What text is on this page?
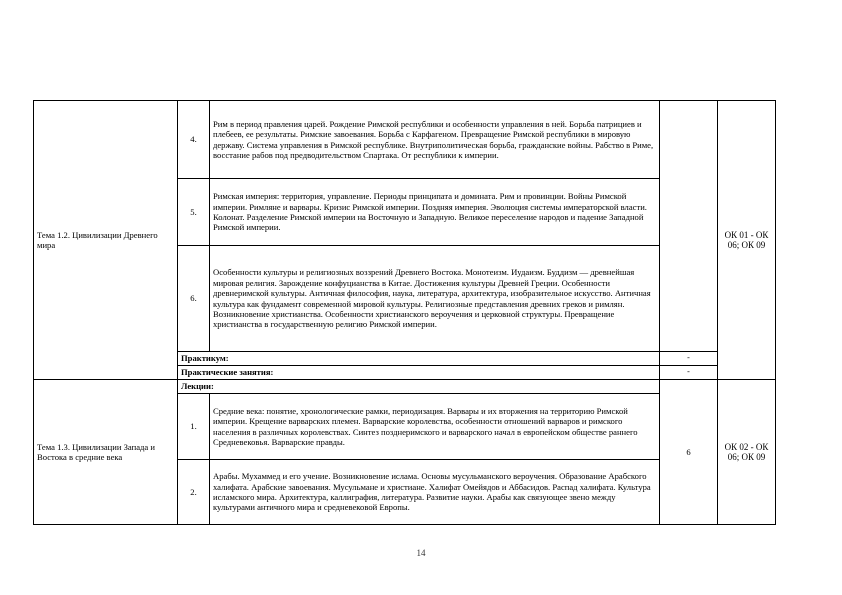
Тема 1.2. Цивилизации Древнего мира	4.	Рим в период правления царей. Рождение Римской республики и особенности управления в ней. Борьба патрициев и плебеев, ее результаты. Римские завоевания. Борьба с Карфагеном. Превращение Римской республики в мировую державу. Система управления в Римской республике. Внутриполитическая борьба, гражданские войны. Рабство в Риме, восстание рабов под предводительством Спартака. От республики к империи.		ОК 01 - ОК 06; ОК 09
	5.	Римская империя: территория, управление. Периоды принципата и домината. Рим и провинции. Войны Римской империи. Римляне и варвары. Кризис Римской империи. Поздняя империя. Эволюция системы императорской власти. Колонат. Разделение Римской империи на Восточную и Западную. Великое переселение народов и падение Западной Римской империи.		
	6.	Особенности культуры и религиозных воззрений Древнего Востока. Монотеизм. Иудаизм. Буддизм — древнейшая мировая религия. Зарождение конфуцианства в Китае. Достижения культуры Древней Греции. Особенности древнеримской культуры. Античная философия, наука, литература, архитектура, изобразительное искусство. Античная культура как фундамент современной мировой культуры. Религиозные представления древних греков и римлян. Возникновение христианства. Особенности христианского вероучения и церковной структуры. Превращение христианства в государственную религию Римской империи.		
	Практикум:		-	
	Практические занятия:		-	
Тема 1.3. Цивилизации Запада и Востока в средние века	Лекции:		6	ОК 02 - ОК 06; ОК 09
	1.	Средние века: понятие, хронологические рамки, периодизация. Варвары и их вторжения на территорию Римской империи. Крещение варварских племен. Варварские королевства, особенности отношений варваров и римского населения в различных королевствах. Синтез позднеримского и варварского начал в европейском обществе раннего Средневековья. Варварские правды.		
	2.	Арабы. Мухаммед и его учение. Возникновение ислама. Основы мусульманского вероучения. Образование Арабского халифата. Арабские завоевания. Мусульмане и христиане. Халифат Омейядов и Аббасидов. Распад халифата. Культура исламского мира. Архитектура, каллиграфия, литература. Развитие науки. Арабы как связующее звено между культурами античного мира и средневековой Европы.		
14
